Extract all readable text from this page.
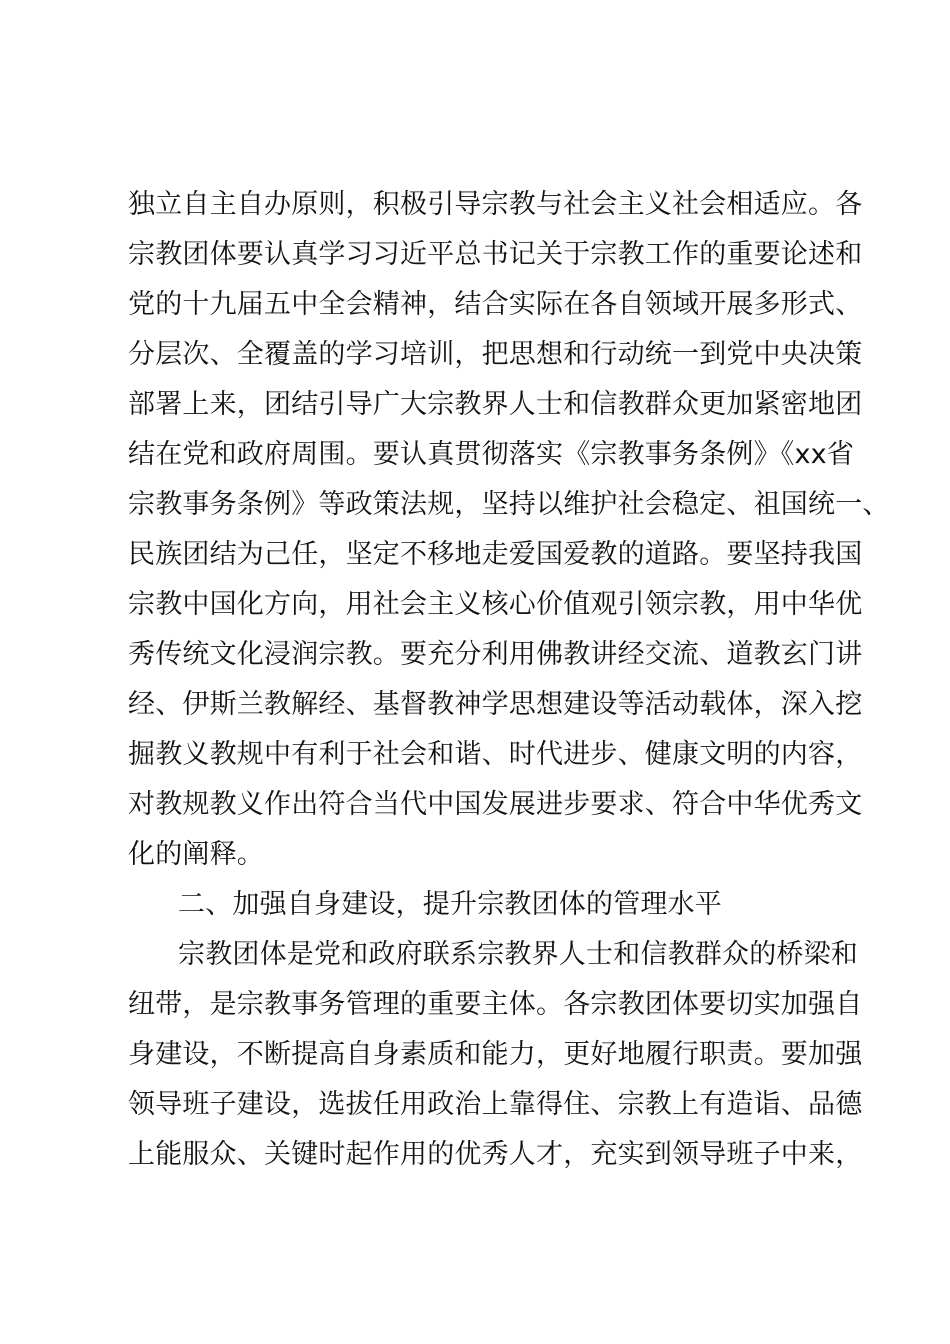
独立自主自办原则，积极引导宗教与社会主义社会相适应。各
宗教团体要认真学习习近平总书记关于宗教工作的重要论述和
党的十九届五中全会精神，结合实际在各自领域开展多形式、
分层次、全覆盖的学习培训，把思想和行动统一到党中央决策
部署上来，团结引导广大宗教界人士和信教群众更加紧密地团
结在党和政府周围。要认真贯彻落实《宗教事务条例》《xx省
宗教事务条例》等政策法规，坚持以维护社会稳定、祖国统一、
民族团结为己任，坚定不移地走爱国爱教的道路。要坚持我国
宗教中国化方向，用社会主义核心价值观引领宗教，用中华优
秀传统文化浸润宗教。要充分利用佛教讲经交流、道教玄门讲
经、伊斯兰教解经、基督教神学思想建设等活动载体，深入挖
掘教义教规中有利于社会和谐、时代进步、健康文明的内容，
对教规教义作出符合当代中国发展进步要求、符合中华优秀文
化的阐释。
二、加强自身建设，提升宗教团体的管理水平
宗教团体是党和政府联系宗教界人士和信教群众的桥梁和
纽带，是宗教事务管理的重要主体。各宗教团体要切实加强自
身建设，不断提高自身素质和能力，更好地履行职责。要加强
领导班子建设，选拔任用政治上靠得住、宗教上有造诣、品德
上能服众、关键时起作用的优秀人才，充实到领导班子中来，
